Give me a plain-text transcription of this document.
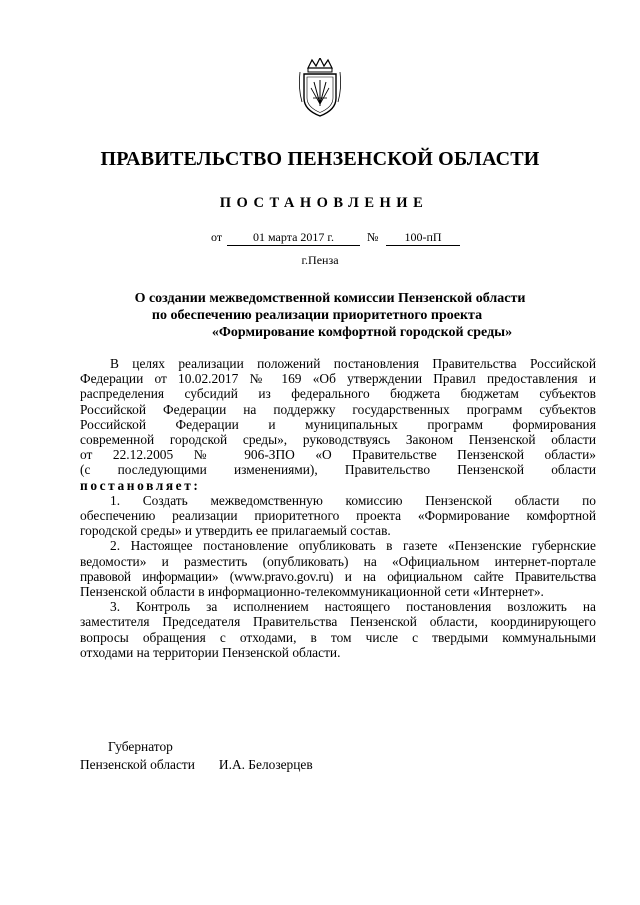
ПРАВИТЕЛЬСТВО ПЕНЗЕНСКОЙ ОБЛАСТИ
ПОСТАНОВЛЕНИЕ
от	01 марта 2017 г.	№	100-пП
г.Пенза
О создании межведомственной комиссии Пензенской области
по обеспечению реализации приоритетного проекта
«Формирование комфортной городской среды»
В целях реализации положений постановления Правительства Российской
Федерации от 10.02.2017 № 169 «Об утверждении Правил предоставления и
распределения субсидий из федерального бюджета бюджетам субъектов
Российской Федерации на поддержку государственных программ субъектов
Российской Федерации и муниципальных программ формирования
современной городской среды», руководствуясь Законом Пензенской области
от 22.12.2005 № 906-ЗПО «О Правительстве Пензенской области»
(с последующими изменениями), Правительство Пензенской области
постановляет:
1. Создать межведомственную комиссию Пензенской области по
обеспечению реализации приоритетного проекта «Формирование комфортной
городской среды» и утвердить ее прилагаемый состав.
2. Настоящее постановление опубликовать в газете «Пензенские губернские
ведомости» и разместить (опубликовать) на «Официальном интернет-портале
правовой информации» (www.pravo.gov.ru) и на официальном сайте Правительства
Пензенской области в информационно-телекоммуникационной сети «Интернет».
3. Контроль за исполнением настоящего постановления возложить на
заместителя Председателя Правительства Пензенской области, координирующего
вопросы обращения с отходами, в том числе с твердыми коммунальными
отходами на территории Пензенской области.
Губернатор
Пензенской области И.А. Белозерцев
